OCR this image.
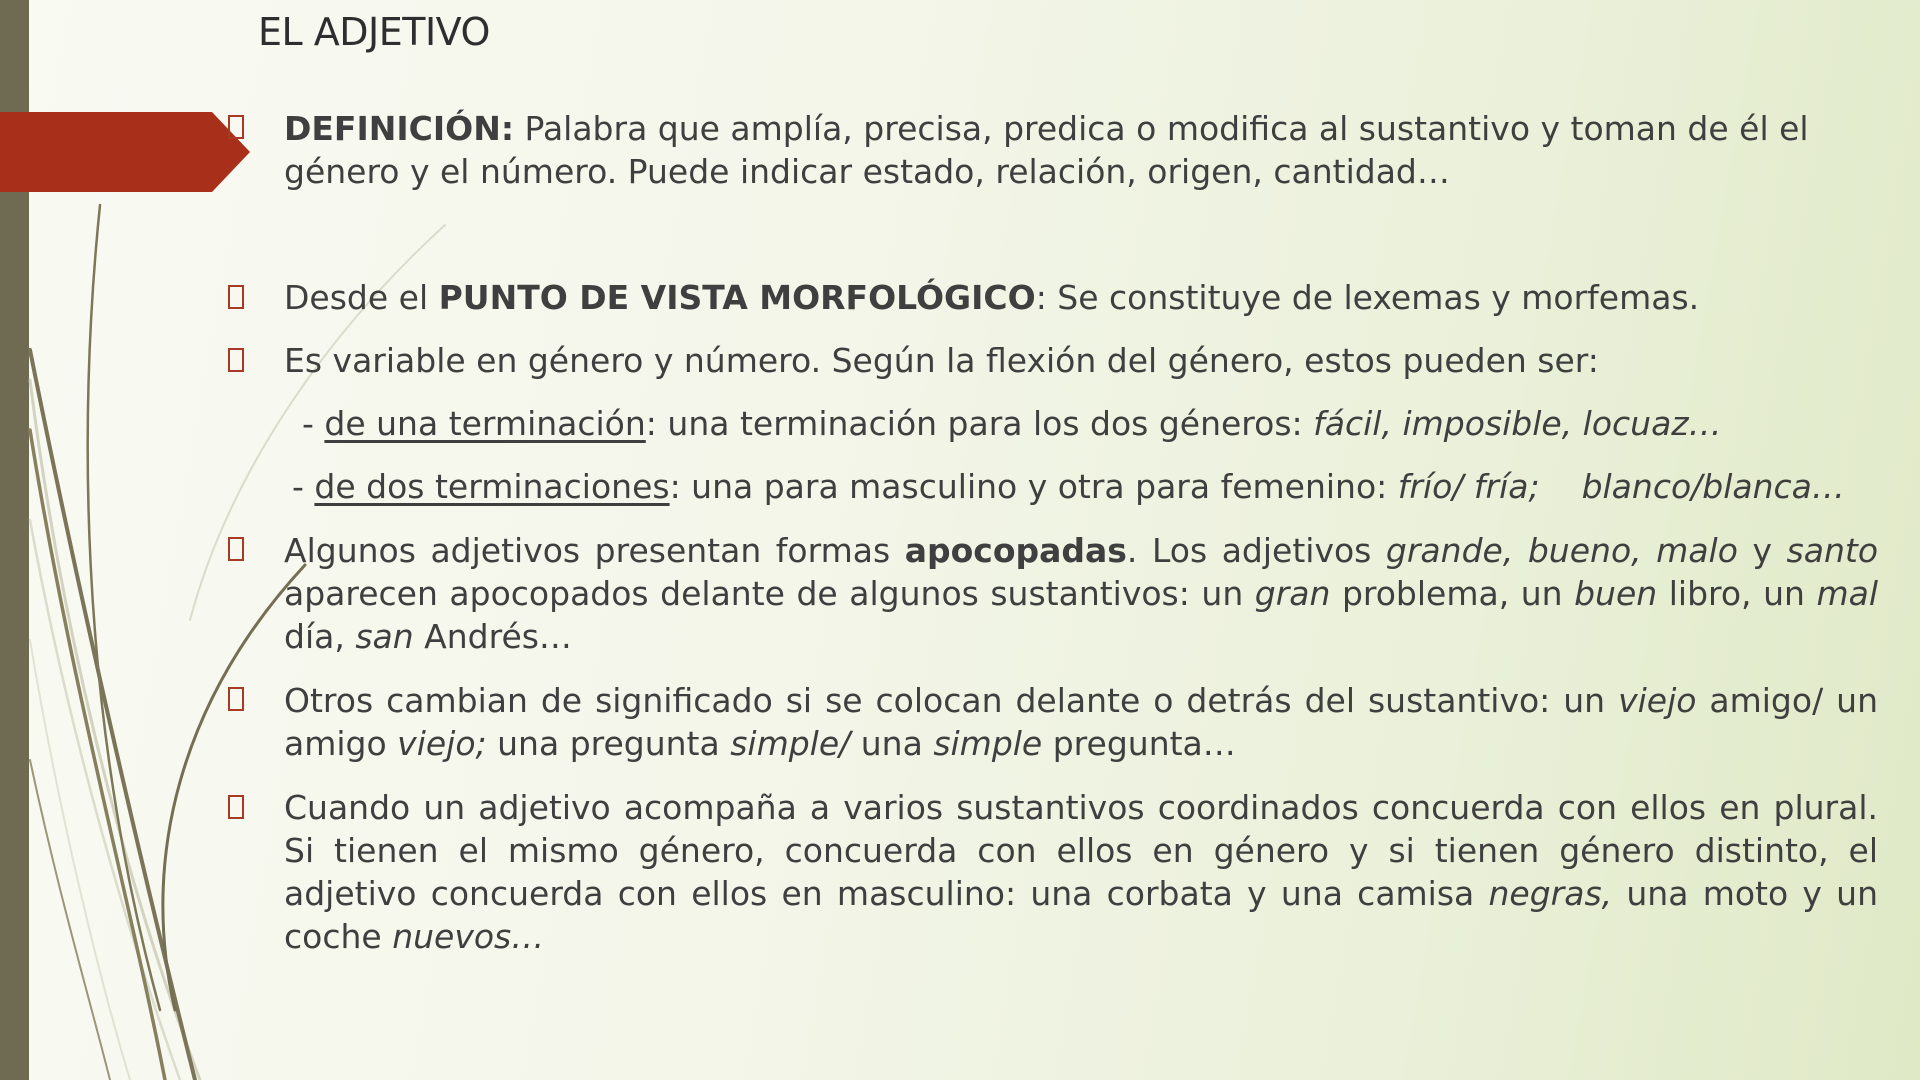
EL ADJETIVO
DEFINICIÓN: Palabra que amplía, precisa, predica o modifica al sustantivo y toman de él el género y el número. Puede indicar estado, relación, origen, cantidad…
Desde el PUNTO DE VISTA MORFOLÓGICO: Se constituye de lexemas y morfemas.
Es variable en género y número. Según la flexión del género, estos pueden ser:
- de una terminación: una terminación para los dos géneros: fácil, imposible, locuaz…
- de dos terminaciones: una para masculino y otra para femenino: frío/ fría;    blanco/blanca…
Algunos adjetivos presentan formas apocopadas. Los adjetivos grande, bueno, malo y santo aparecen apocopados delante de algunos sustantivos: un gran problema, un buen libro, un mal día, san Andrés…
Otros cambian de significado si se colocan delante o detrás del sustantivo: un viejo amigo/ un amigo viejo; una pregunta simple/ una simple pregunta…
Cuando un adjetivo acompaña a varios sustantivos coordinados concuerda con ellos en plural. Si tienen el mismo género, concuerda con ellos en género y si tienen género distinto, el adjetivo concuerda con ellos en masculino: una corbata y una camisa negras, una moto y un coche nuevos…
